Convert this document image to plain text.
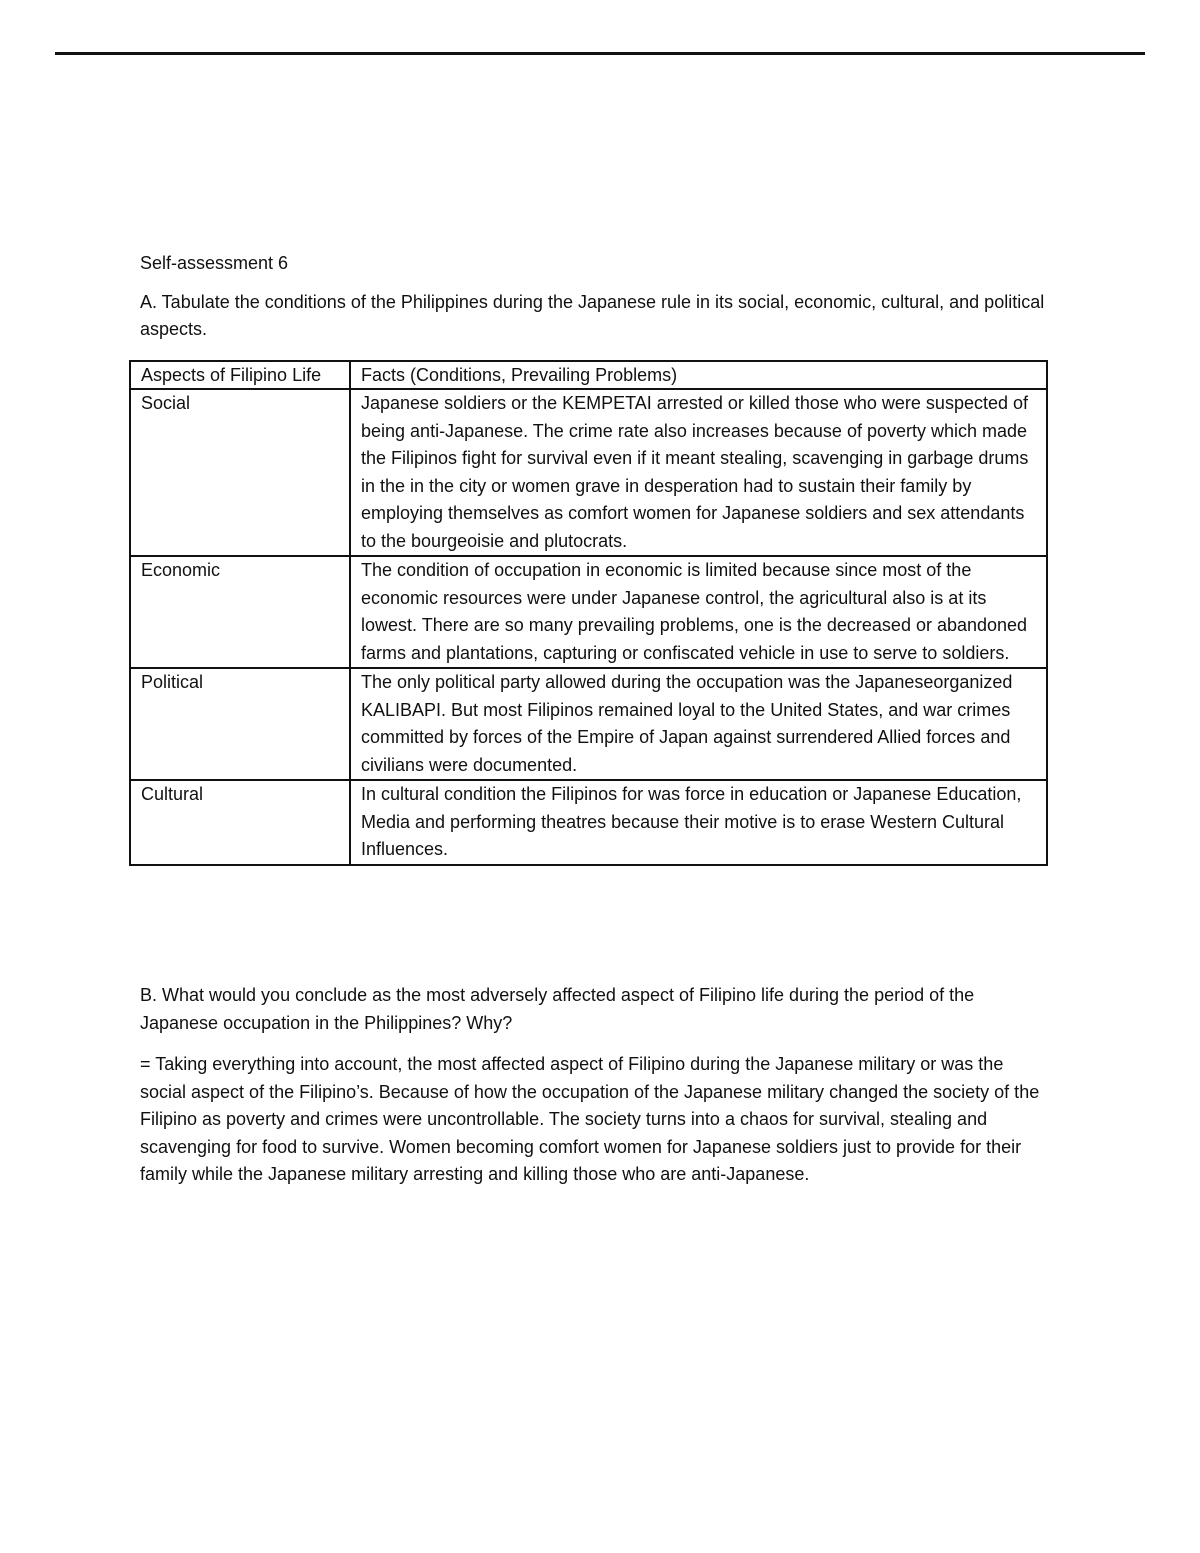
Self-assessment 6

A. Tabulate the conditions of the Philippines during the Japanese rule in its social, economic, cultural, and political aspects.

Aspects of Filipino Life	Facts (Conditions, Prevailing Problems)
Social	Japanese soldiers or the KEMPETAI arrested or killed those who were suspected of being anti-Japanese. The crime rate also increases because of poverty which made the Filipinos fight for survival even if it meant stealing, scavenging in garbage drums in the in the city or women grave in desperation had to sustain their family by employing themselves as comfort women for Japanese soldiers and sex attendants to the bourgeoisie and plutocrats.
Economic	The condition of occupation in economic is limited because since most of the economic resources were under Japanese control, the agricultural also is at its lowest. There are so many prevailing problems, one is the decreased or abandoned farms and plantations, capturing or confiscated vehicle in use to serve to soldiers.
Political	The only political party allowed during the occupation was the Japaneseorganized KALIBAPI. But most Filipinos remained loyal to the United States, and war crimes committed by forces of the Empire of Japan against surrendered Allied forces and civilians were documented.
Cultural	In cultural condition the Filipinos for was force in education or Japanese Education, Media and performing theatres because their motive is to erase Western Cultural Influences.

B. What would you conclude as the most adversely affected aspect of Filipino life during the period of the Japanese occupation in the Philippines? Why?

= Taking everything into account, the most affected aspect of Filipino during the Japanese military or was the social aspect of the Filipino’s. Because of how the occupation of the Japanese military changed the society of the Filipino as poverty and crimes were uncontrollable. The society turns into a chaos for survival, stealing and scavenging for food to survive. Women becoming comfort women for Japanese soldiers just to provide for their family while the Japanese military arresting and killing those who are anti-Japanese.
